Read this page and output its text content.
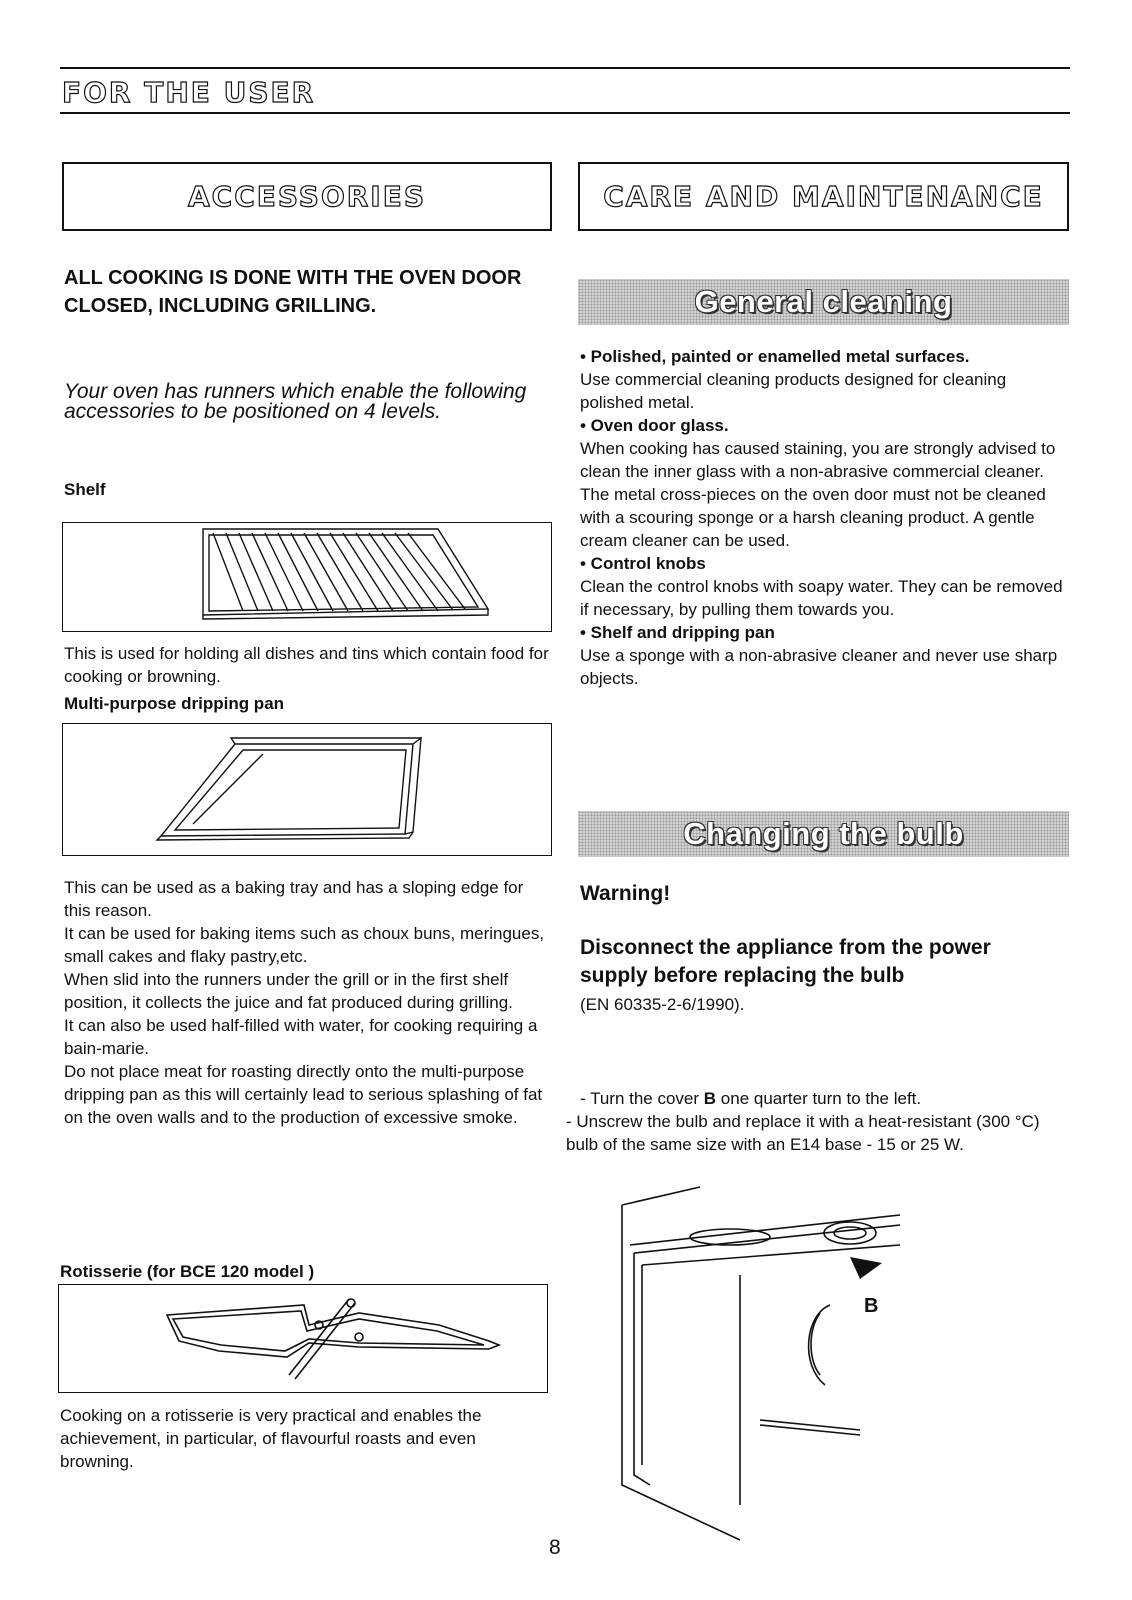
FOR THE USER
ACCESSORIES	CARE AND MAINTENANCE
ALL COOKING IS DONE WITH THE OVEN DOOR CLOSED, INCLUDING GRILLING.
Your oven has runners which enable the following accessories to be positioned on 4 levels.
Shelf
This is used for holding all dishes and tins which contain food for cooking or browning.
Multi-purpose dripping pan
This can be used as a baking tray and has a sloping edge for this reason.
It can be used for baking items such as choux buns, meringues, small cakes and flaky pastry,etc.
When slid into the runners under the grill or in the first shelf position, it collects the juice and fat produced during grilling.
It can also be used half-filled with water, for cooking requiring a bain-marie.
Do not place meat for roasting directly onto the multi-purpose dripping pan as this will certainly lead to serious splashing of fat on the oven walls and to the production of excessive smoke.
Rotisserie (for BCE 120 model )
Cooking on a rotisserie is very practical and enables the achievement, in particular, of flavourful roasts and even browning.
General cleaning
• Polished, painted or enamelled metal surfaces.
Use commercial cleaning products designed for cleaning polished metal.
• Oven door glass.
When cooking has caused staining, you are strongly advised to clean the inner glass with a non-abrasive commercial cleaner. The metal cross-pieces on the oven door must not be cleaned with a scouring sponge or a harsh cleaning product. A gentle cream cleaner can be used.
• Control knobs
Clean the control knobs with soapy water. They can be removed if necessary, by pulling them towards you.
• Shelf and dripping pan
Use a sponge with a non-abrasive cleaner and never use sharp objects.
Changing the bulb
Warning!
Disconnect the appliance from the power supply before replacing the bulb
(EN 60335-2-6/1990).
- Turn the cover B one quarter turn to the left.
- Unscrew the bulb and replace it with a heat-resistant (300 °C) bulb of the same size with an E14 base - 15 or 25 W.
B
8
